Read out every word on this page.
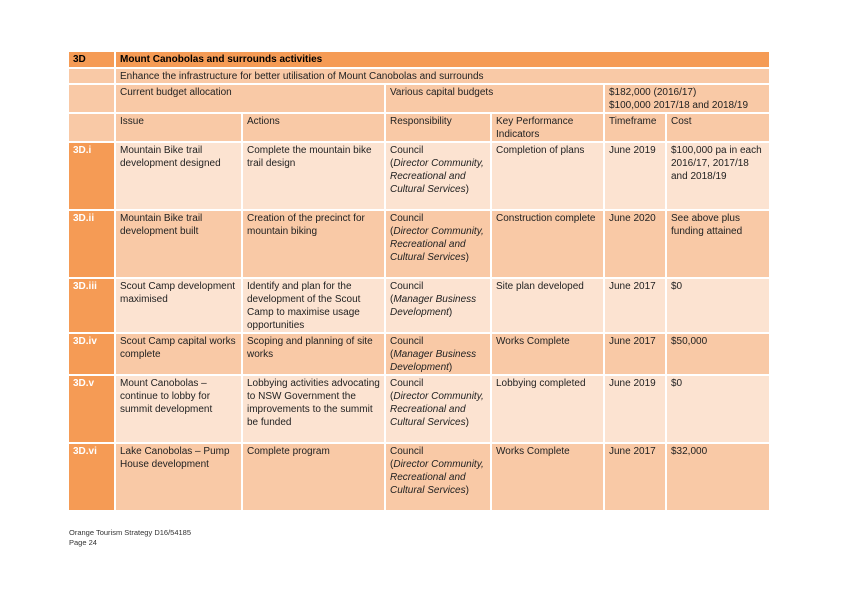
3D	Mount Canobolas and surrounds activities					
	Enhance the infrastructure for better utilisation of Mount Canobolas and surrounds					
	Current budget allocation		Various capital budgets		$182,000 (2016/17)
$100,000 2017/18 and 2018/19	

	Issue	Actions	Responsibility	Key Performance Indicators	Timeframe	Cost
3D.i	Mountain Bike trail development designed	Complete the mountain bike trail design	Council
(Director Community, Recreational and Cultural Services)	Completion of plans	June 2019	$100,000 pa in each 2016/17, 2017/18 and 2018/19
3D.ii	Mountain Bike trail development built	Creation of the precinct for mountain biking	Council
(Director Community, Recreational and Cultural Services)	Construction complete	June 2020	See above plus funding attained
3D.iii	Scout Camp development maximised	Identify and plan for the development of the Scout Camp to maximise usage opportunities	Council
(Manager Business Development)	Site plan developed	June 2017	$0
3D.iv	Scout Camp capital works complete	Scoping and planning of site works	Council
(Manager Business Development)	Works Complete	June 2017	$50,000
3D.v	Mount Canobolas – continue to lobby for summit development	Lobbying activities advocating to NSW Government the improvements to the summit be funded	Council
(Director Community, Recreational and Cultural Services)	Lobbying completed	June 2019	$0
3D.vi	Lake Canobolas – Pump House development	Complete program	Council
(Director Community, Recreational and Cultural Services)	Works Complete	June 2017	$32,000
Orange Tourism Strategy D16/54185
Page 24
